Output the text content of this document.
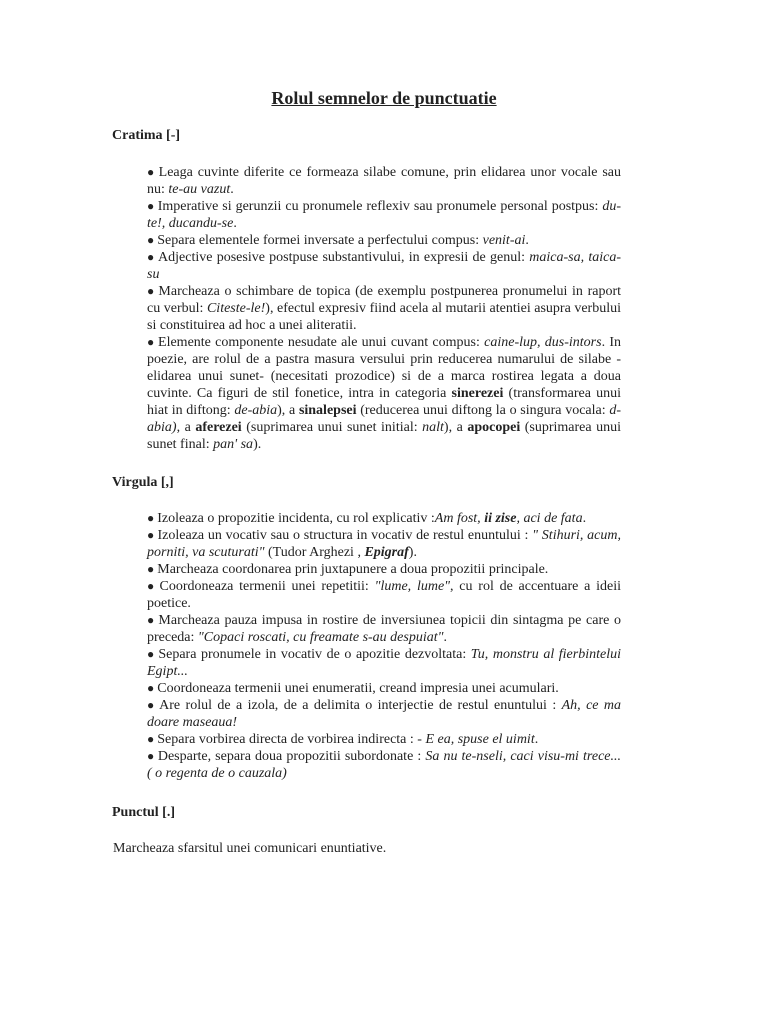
Rolul semnelor de punctuatie
Cratima [-]
● Leaga cuvinte diferite ce formeaza silabe comune, prin elidarea unor vocale sau nu: te-au vazut.
● Imperative si gerunzii cu pronumele reflexiv sau pronumele personal postpus: du-te!, ducandu-se.
● Separa elementele formei inversate a perfectului compus: venit-ai.
● Adjective posesive postpuse substantivului, in expresii de genul: maica-sa, taica-su
● Marcheaza o schimbare de topica (de exemplu postpunerea pronumelui in raport cu verbul: Citeste-le!), efectul expresiv fiind acela al mutarii atentiei asupra verbului si constituirea ad hoc a unei aliteratii.
● Elemente componente nesudate ale unui cuvant compus: caine-lup, dus-intors. In poezie, are rolul de a pastra masura versului prin reducerea numarului de silabe -elidarea unui sunet- (necesitati prozodice) si de a marca rostirea legata a doua cuvinte. Ca figuri de stil fonetice, intra in categoria sinerezei (transformarea unui hiat in diftong: de-abia), a sinalepsei (reducerea unui diftong la o singura vocala: d-abia), a aferezei (suprimarea unui sunet initial: nalt), a apocopei (suprimarea unui sunet final: pan' sa).
Virgula [,]
● Izoleaza o propozitie incidenta, cu rol explicativ :Am fost, ii zise, aci de fata.
● Izoleaza un vocativ sau o structura in vocativ de restul enuntului : " Stihuri, acum, porniti, va scuturati" (Tudor Arghezi , Epigraf).
● Marcheaza coordonarea prin juxtapunere a doua propozitii principale.
● Coordoneaza termenii unei repetitii: "lume, lume", cu rol de accentuare a ideii poetice.
● Marcheaza pauza impusa in rostire de inversiunea topicii din sintagma pe care o preceda: "Copaci roscati, cu freamate s-au despuiat".
● Separa pronumele in vocativ de o apozitie dezvoltata: Tu, monstru al fierbintelui Egipt...
● Coordoneaza termenii unei enumeratii, creand impresia unei acumulari.
● Are rolul de a izola, de a delimita o interjectie de restul enuntului : Ah, ce ma doare maseaua!
● Separa vorbirea directa de vorbirea indirecta : - E ea, spuse el uimit.
● Desparte, separa doua propozitii subordonate : Sa nu te-nseli, caci visu-mi trece... ( o regenta de o cauzala)
Punctul [.]

Marcheaza sfarsitul unei comunicari enuntiative.
